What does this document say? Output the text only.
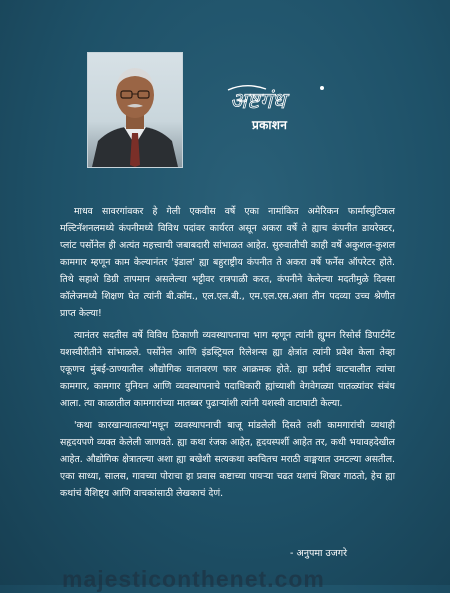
अष्टगंध
प्रकाशन

माधव सावरगांवकर हे गेली एकवीस वर्षे एका नामांकित अमेरिकन फार्मास्युटिकल मल्टिनॅशनलमध्ये कंपनीमध्ये विविध पदांवर कार्यरत असून अकरा वर्षे ते ह्याच कंपनीत डायरेक्टर, प्लांट पर्सोनेल ही अत्यंत महत्त्वाची जबाबदारी सांभाळत आहेत. सुरुवातीची काही वर्षे अकुशल-कुशल कामगार म्हणून काम केल्यानंतर 'इंडाल' ह्या बहुराष्ट्रीय कंपनीत ते अकरा वर्षे फर्नेस ऑपरेटर होते. तिथे सहाशे डिग्री तापमान असलेल्या भट्टीवर रात्रपाळी करत, कंपनीने केलेल्या मदतीमुळे दिवसा कॉलेजमध्ये शिक्षण घेत त्यांनी बी.कॉम., एल.एल.बी., एम.एल.एस.अशा तीन पदव्या उच्च श्रेणीत प्राप्त केल्या!

त्यानंतर सदतीस वर्षे विविध ठिकाणी व्यवस्थापनाचा भाग म्हणून त्यांनी ह्युमन रिसोर्स डिपार्टमेंट यशस्वीरीतीने सांभाळले. पर्सोनेल आणि इंडस्ट्रियल रिलेशन्स ह्या क्षेत्रांत त्यांनी प्रवेश केला तेव्हा एकूणच मुंबई-ठाण्यातील औद्योगिक वातावरण फार आक्रमक होते. ह्या प्रदीर्घ वाटचालीत त्यांचा कामगार, कामगार युनियन आणि व्यवस्थापनाचे पदाधिकारी ह्यांच्याशी वेगवेगळ्या पातळ्यांवर संबंध आला. त्या काळातील कामगारांच्या मातब्बर पुढाऱ्यांशी त्यांनी यशस्वी वाटाघाटी केल्या.

'कथा कारखान्यातल्या'मधून व्यवस्थापनाची बाजू मांडलेली दिसते तशी कामगारांची व्यथाही सहृदयपणे व्यक्त केलेली जाणवते. ह्या कथा रंजक आहेत, हृदयस्पर्शी आहेत तर, कधी भयावहदेखील आहेत. औद्योगिक क्षेत्रातल्या अशा ह्या बखेशी सत्यकथा क्वचितच मराठी वाङ्मयात उमटल्या असतील. एका साध्या, सालस, गावच्या पोराचा हा प्रवास कष्टाच्या पायऱ्या चढत यशाचं शिखर गाठतो, हेच ह्या कथांचं वैशिष्ट्य आणि वाचकांसाठी लेखकाचं देणं.

- अनुपमा उजगरे
majesticonthenet.com
